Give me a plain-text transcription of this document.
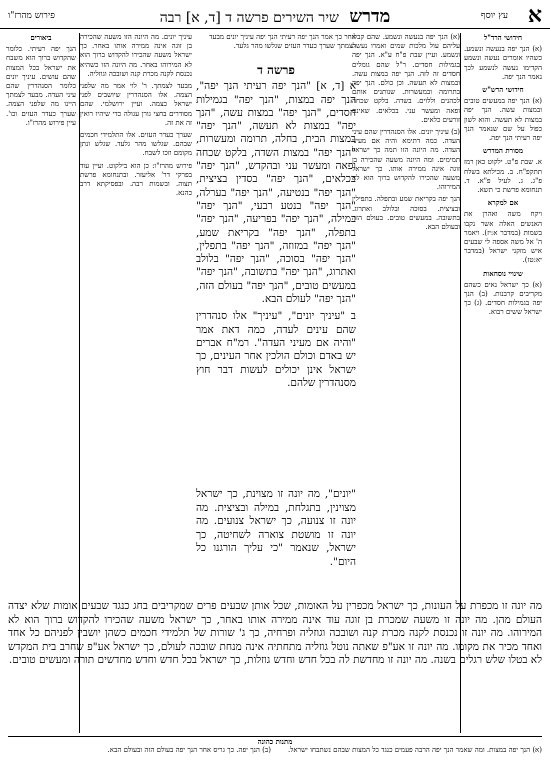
א
עץ יוסף
מדרש שיר השירים פרשה ד [ד, א] רבה
פירוש מהרז"ו

חידושי הרד"ל

(א) הנך יפה בנעשה ונשמע. כשהיו אומרים נעשה ונשמע הקדימו נעשה לנשמע לכך נאמר הנך יפה.

חידושי הרש"ש

(א) הנך יפה במעשים טובים ובמצות עשה. הנך יפה במצות לא תעשה. והוא לשון כפול על שם שנאמר הנך יפה רעיתי הנך יפה.

מסורת המדרש

א. שבת פ"ט. ילקוט כאן רמז תתקפ"ח. ב. מכילתא בשלח פ"ג. ג. לעיל פ"א. ד. תנחומא פרשת כי תשא.

אם למקרא

ויקח משה ואהרן את האנשים האלה אשר נקבו בשמות (במדבר א:יז). ויאמר ה' אל משה אספה לי שבעים איש מזקני ישראל (במדבר יא:טז).

שינויי נוסחאות

(א) כך ישראל נאים כשהם מקריבים קרבנות. (ב) הנך יפה בגמילות חסדים. (ג) כך ישראל ששים רבוא.

ביאורים

הנך יפה רעיתי. כלומר שהקדוש ברוך הוא משבח את ישראל בכל המצות שהם עושים. עיניך יונים כלומר הסנהדרין שהם עיני העדה. מבעד לצמתך היינו מה שלפני הצמה. שערך כעדר העזים וכו'. עיין פירוש מהרז"ו.

(א) הנך יפה בנעשה ונשמע. שהם קבלו עליהם עול מלכות שמים ואמרו נעשה ונשמע. ועיין שבת פ"ח ע"א. הנך יפה בגמילות חסדים. ר"ל שהם גומלים חסדים זה לזה. הנך יפה במצות עשה. ובמצות לא תעשה. וכן כולם. הנך יפה בתרומה ובמעשרות. שנותנים אותם לכהנים וללוים. בשדה. בלקט שכחה ופאה ומעשר עני. בכלאים. שאינם זורעים כלאים.

(ב) עיניך יונים. אלו הסנהדרין שהם עיני העדה. כמה דתימא והיה אם מעיני העדה. מה היונה הזו תמה כך ישראל תמימים. ומה היונה משעה שהכירה בן זוגה אינה ממירה אותו. כך ישראל משעה שהכירו להקדוש ברוך הוא לא המירוהו.

הנך יפה בקריאת שמע ובתפלה. בתפילין ובציצית. בסוכה ובלולב ואתרוג. בתשובה. במעשים טובים. בעולם הזה ובעולם הבא.

עיניך יונים. מה היונה הזו משעה שהכירה בן זוגה אינה ממירה אותו באחר. כך ישראל משעה שהכירו להקדוש ברוך הוא לא המירוהו באחר. מה היונה הזו כשהיא נכנסת לקנה מכרת קנה ושובכה וגוזליה.

מבעד לצמתך. ר' לוי אמר מה שלפני הצמה. אלו הסנהדרין שיושבים לפני ישראל כצמה. ועיין ירושלמי. שהם מסודרים בחצי גורן עגולה כדי שיהיו רואין זה את זה.

שערך כעדר העזים. אלו התלמידי חכמים שבהם. שגלשו מהר גלעד. שגלש ונתן מקומם וזכו לשבח.

פירוש מהרז"ו: כן הוא בילקוט. ועיין עוד בפרקי דר' אליעזר. ובתנחומא פרשת תצוה. ובשמות רבה. ובפסיקתא דרב כהנא.

אחר כך אמר הנך יפה רעיתי הנך יפה עיניך יונים מבעד לצמתך שערך כעדר העזים שגלשו מהר גלעד.
פרשה ד

א [ד, א] "הנך יפה רעיתי הנך יפה", הנך יפה במצות, "הנך יפה" בגמילות חסדים, "הנך יפה" במצות עשה, "הנך יפה" במצות לא תעשה, "הנך יפה" במצות הבית, בחלה, תרומה ומעשרות, "הנך יפה" במצות השדה, בלקט שכחה ופאה ומעשר עני ובהקדש, "הנך יפה" בכלאים, "הנך יפה" בסדין בציצית, "הנך יפה" בנטיעה, "הנך יפה" בערלה, "הנך יפה" בנטע רבעי, "הנך יפה" במילה, "הנך יפה" בפריעה, "הנך יפה" בתפלה, "הנך יפה" בקריאת שמע, "הנך יפה" במזוזה, "הנך יפה" בתפלין, "הנך יפה" בסוכה, "הנך יפה" בלולב ואתרוג, "הנך יפה" בתשובה, "הנך יפה" במעשים טובים, "הנך יפה" בעולם הזה, "הנך יפה" לעולם הבא.

ב "עיניך יונים", "עיניך" אלו סנהדרין שהם עינים לעדה, כמה דאת אמר "והיה אם מעיני העדה". רמ"ח אברים יש באדם וכולם הולכין אחר העינים, כך ישראל אינן יכולים לעשות דבר חוץ מסנהדרין שלהם.

"יונים", מה יונה זו מצוינת, כך ישראל מצוינין, בתגלחת, במילה ובציצית. מה יונה זו צנועה, כך ישראל צנועים. מה יונה זו מושטת צוארה לשחיטה, כך ישראל, שנאמר "כי עליך הורגנו כל היום".
מה יונה זו מכפרת על העונות, כך ישראל מכפרין על האומות, שכל אותן שבעים פרים שמקריבים בחג כנגד שבעים אומות שלא יצדה העולם מהן. מה יונה זו משעה שמכרת בן זוגה עוד אינה ממירה אותו באחר, כך ישראל משעה שהכירו להקדוש ברוך הוא לא המירוהו. מה יונה זו נכנסת לקנה מכרת קנה ושובכה וגוזליה ופרחיה, כך ג' שורות של תלמידי חכמים כשהן יושבין לפניהם כל אחד ואחד מכיר את מקומו. מה יונה זו אע"פ שאתה נוטל גוזליה מתחתיה אינה מנחת שובכה לעולם, כך ישראל אע"פ שחרב בית המקדש לא בטלו שלש רגלים בשנה. מה יונה זו מחדשת לה בכל חדש וחדש גוזלות, כך ישראל בכל חדש וחדש מחדשים תורה ומעשים טובים.
מתנות כהונה
(א) הנך יפה במצות. ומה שאמר הנך יפה הרבה פעמים כנגד כל המצות שבהם נשתבחו ישראל.
(ב) הנך יפה. כך גריס אחר הנך יפה בעולם הזה ובעולם הבא.
